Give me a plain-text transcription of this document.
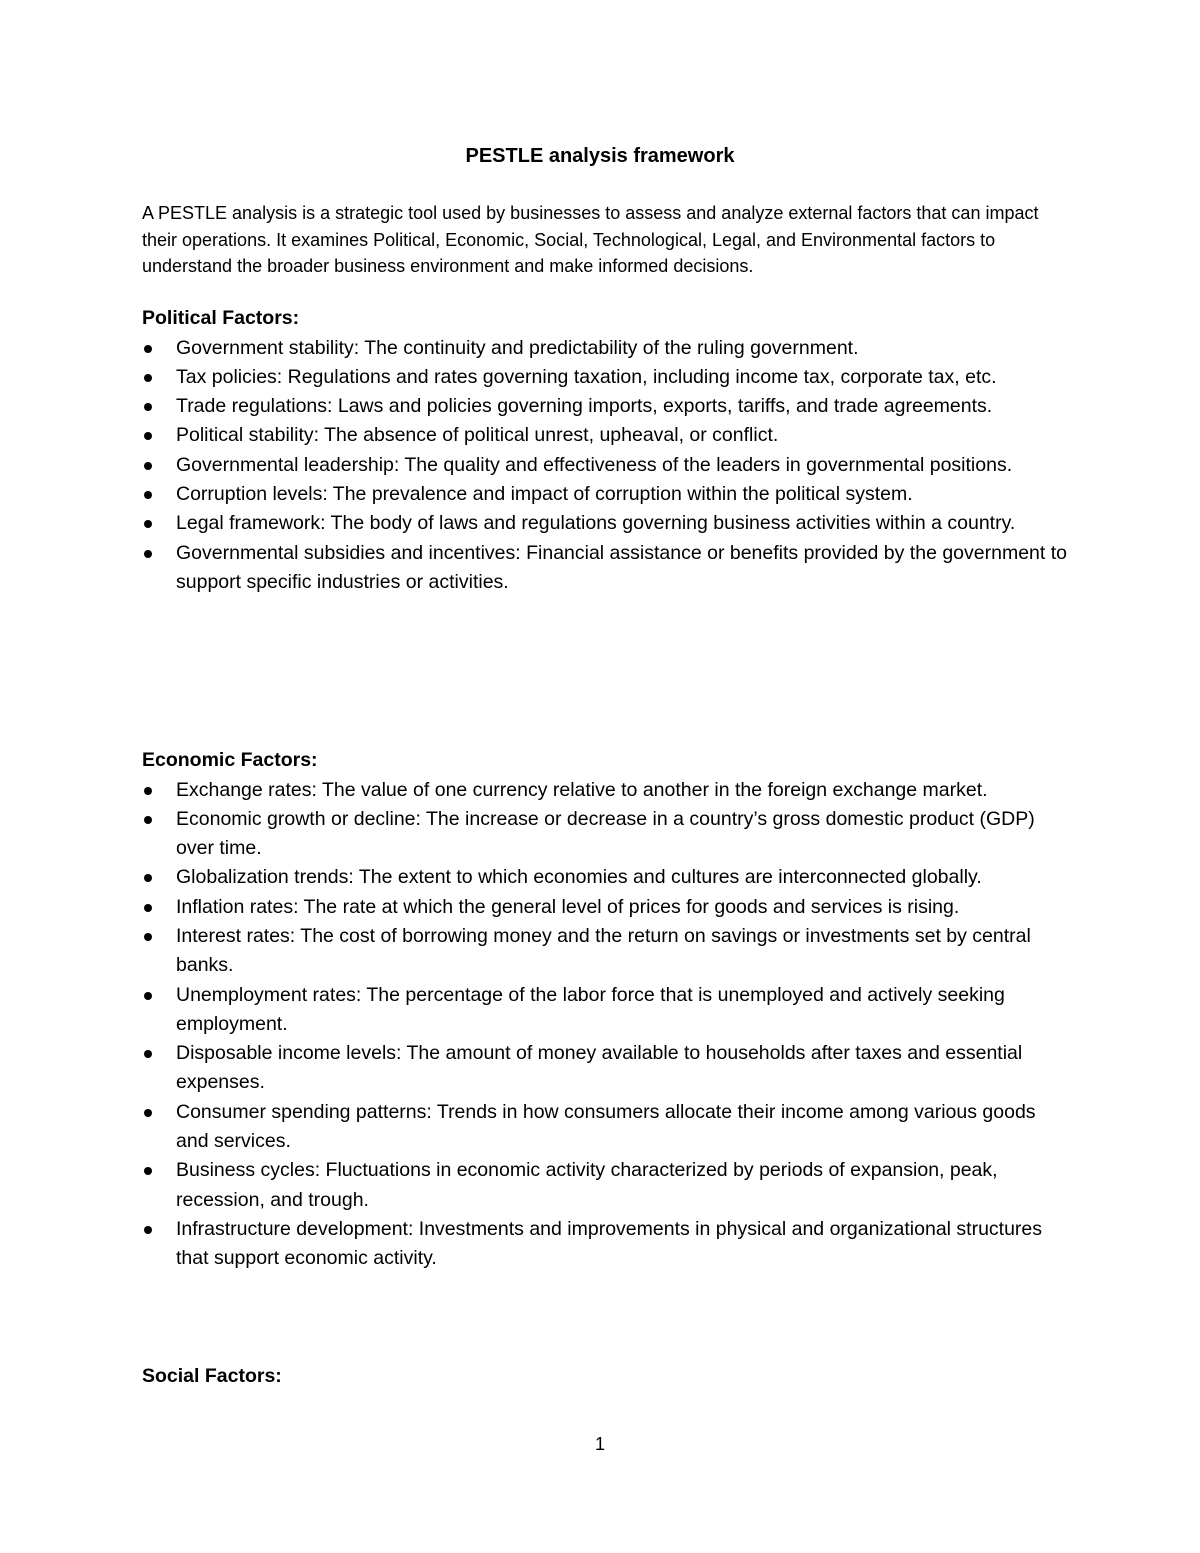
PESTLE analysis framework
A PESTLE analysis is a strategic tool used by businesses to assess and analyze external factors that can impact their operations. It examines Political, Economic, Social, Technological, Legal, and Environmental factors to understand the broader business environment and make informed decisions.

Political Factors:

Government stability: The continuity and predictability of the ruling government.
Tax policies: Regulations and rates governing taxation, including income tax, corporate tax, etc.
Trade regulations: Laws and policies governing imports, exports, tariffs, and trade agreements.
Political stability: The absence of political unrest, upheaval, or conflict.
Governmental leadership: The quality and effectiveness of the leaders in governmental positions.
Corruption levels: The prevalence and impact of corruption within the political system.
Legal framework: The body of laws and regulations governing business activities within a country.
Governmental subsidies and incentives: Financial assistance or benefits provided by the government to support specific industries or activities.

Economic Factors:

Exchange rates: The value of one currency relative to another in the foreign exchange market.
Economic growth or decline: The increase or decrease in a country’s gross domestic product (GDP) over time.
Globalization trends: The extent to which economies and cultures are interconnected globally.
Inflation rates: The rate at which the general level of prices for goods and services is rising.
Interest rates: The cost of borrowing money and the return on savings or investments set by central banks.
Unemployment rates: The percentage of the labor force that is unemployed and actively seeking employment.
Disposable income levels: The amount of money available to households after taxes and essential expenses.
Consumer spending patterns: Trends in how consumers allocate their income among various goods and services.
Business cycles: Fluctuations in economic activity characterized by periods of expansion, peak, recession, and trough.
Infrastructure development: Investments and improvements in physical and organizational structures that support economic activity.

Social Factors:

1
